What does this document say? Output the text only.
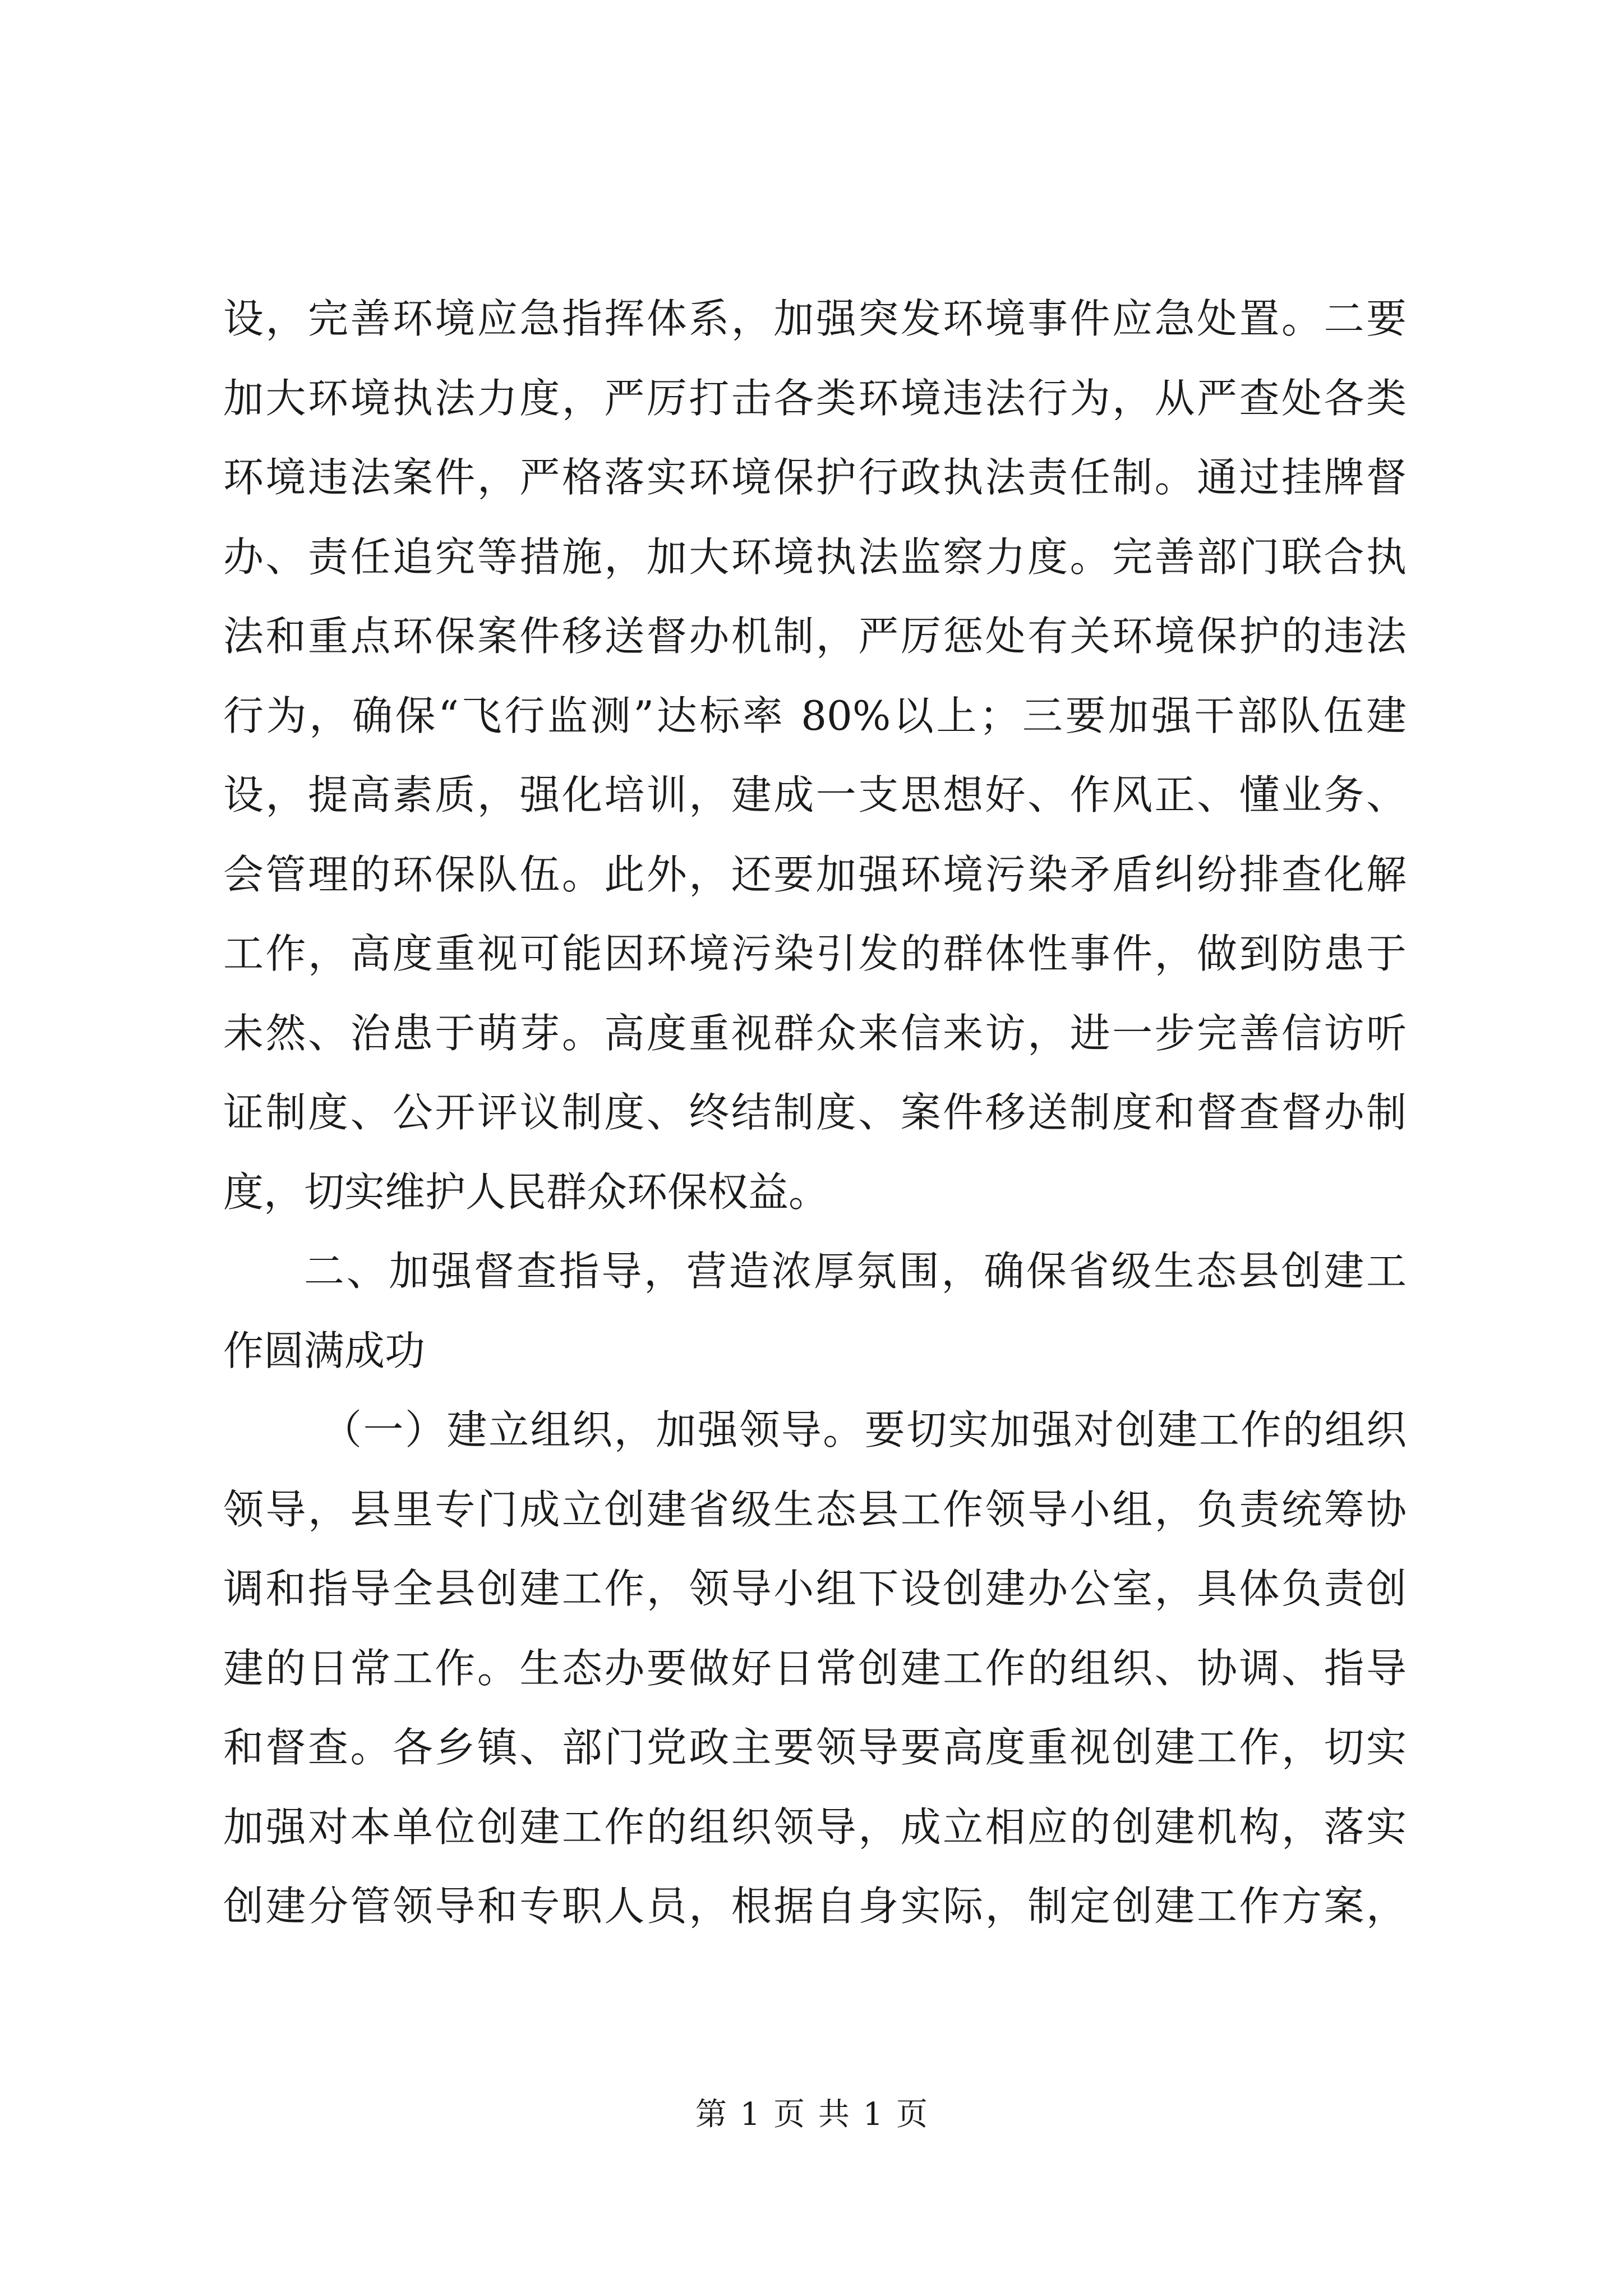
设，完善环境应急指挥体系，加强突发环境事件应急处置。二要
加大环境执法力度，严厉打击各类环境违法行为，从严查处各类
环境违法案件，严格落实环境保护行政执法责任制。通过挂牌督
办、责任追究等措施，加大环境执法监察力度。完善部门联合执
法和重点环保案件移送督办机制，严厉惩处有关环境保护的违法
行为，确保“飞行监测”达标率 80%以上；三要加强干部队伍建
设，提高素质，强化培训，建成一支思想好、作风正、懂业务、
会管理的环保队伍。此外，还要加强环境污染矛盾纠纷排查化解
工作，高度重视可能因环境污染引发的群体性事件，做到防患于
未然、治患于萌芽。高度重视群众来信来访，进一步完善信访听
证制度、公开评议制度、终结制度、案件移送制度和督查督办制
度，切实维护人民群众环保权益。
二、加强督查指导，营造浓厚氛围，确保省级生态县创建工
作圆满成功
（一）建立组织，加强领导。要切实加强对创建工作的组织
领导，县里专门成立创建省级生态县工作领导小组，负责统筹协
调和指导全县创建工作，领导小组下设创建办公室，具体负责创
建的日常工作。生态办要做好日常创建工作的组织、协调、指导
和督查。各乡镇、部门党政主要领导要高度重视创建工作，切实
加强对本单位创建工作的组织领导，成立相应的创建机构，落实
创建分管领导和专职人员，根据自身实际，制定创建工作方案，
第 1 页 共 1 页
